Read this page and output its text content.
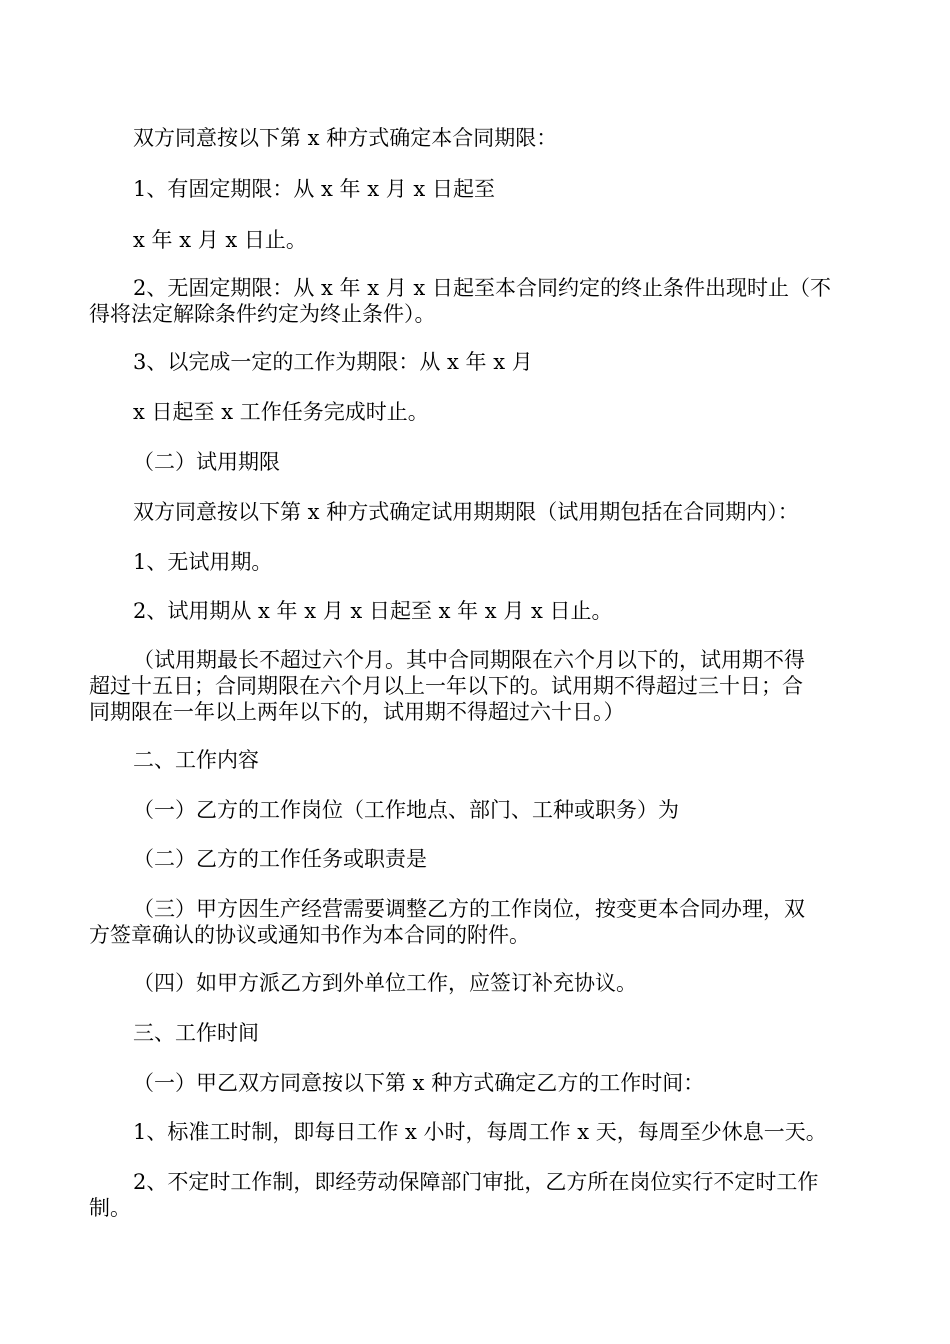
双方同意按以下第 x 种方式确定本合同期限：
1、有固定期限：从 x 年 x 月 x 日起至
x 年 x 月 x 日止。
2、无固定期限：从 x 年 x 月 x 日起至本合同约定的终止条件出现时止（不
得将法定解除条件约定为终止条件）。
3、以完成一定的工作为期限：从 x 年 x 月
x 日起至 x 工作任务完成时止。
（二）试用期限
双方同意按以下第 x 种方式确定试用期期限（试用期包括在合同期内）：
1、无试用期。
2、试用期从 x 年 x 月 x 日起至 x 年 x 月 x 日止。
（试用期最长不超过六个月。其中合同期限在六个月以下的，试用期不得
超过十五日；合同期限在六个月以上一年以下的。试用期不得超过三十日；合
同期限在一年以上两年以下的，试用期不得超过六十日。）
二、工作内容
（一）乙方的工作岗位（工作地点、部门、工种或职务）为
（二）乙方的工作任务或职责是
（三）甲方因生产经营需要调整乙方的工作岗位，按变更本合同办理，双
方签章确认的协议或通知书作为本合同的附件。
（四）如甲方派乙方到外单位工作，应签订补充协议。
三、工作时间
（一）甲乙双方同意按以下第 x 种方式确定乙方的工作时间：
1、标准工时制，即每日工作 x 小时，每周工作 x 天，每周至少休息一天。
2、不定时工作制，即经劳动保障部门审批，乙方所在岗位实行不定时工作
制。
